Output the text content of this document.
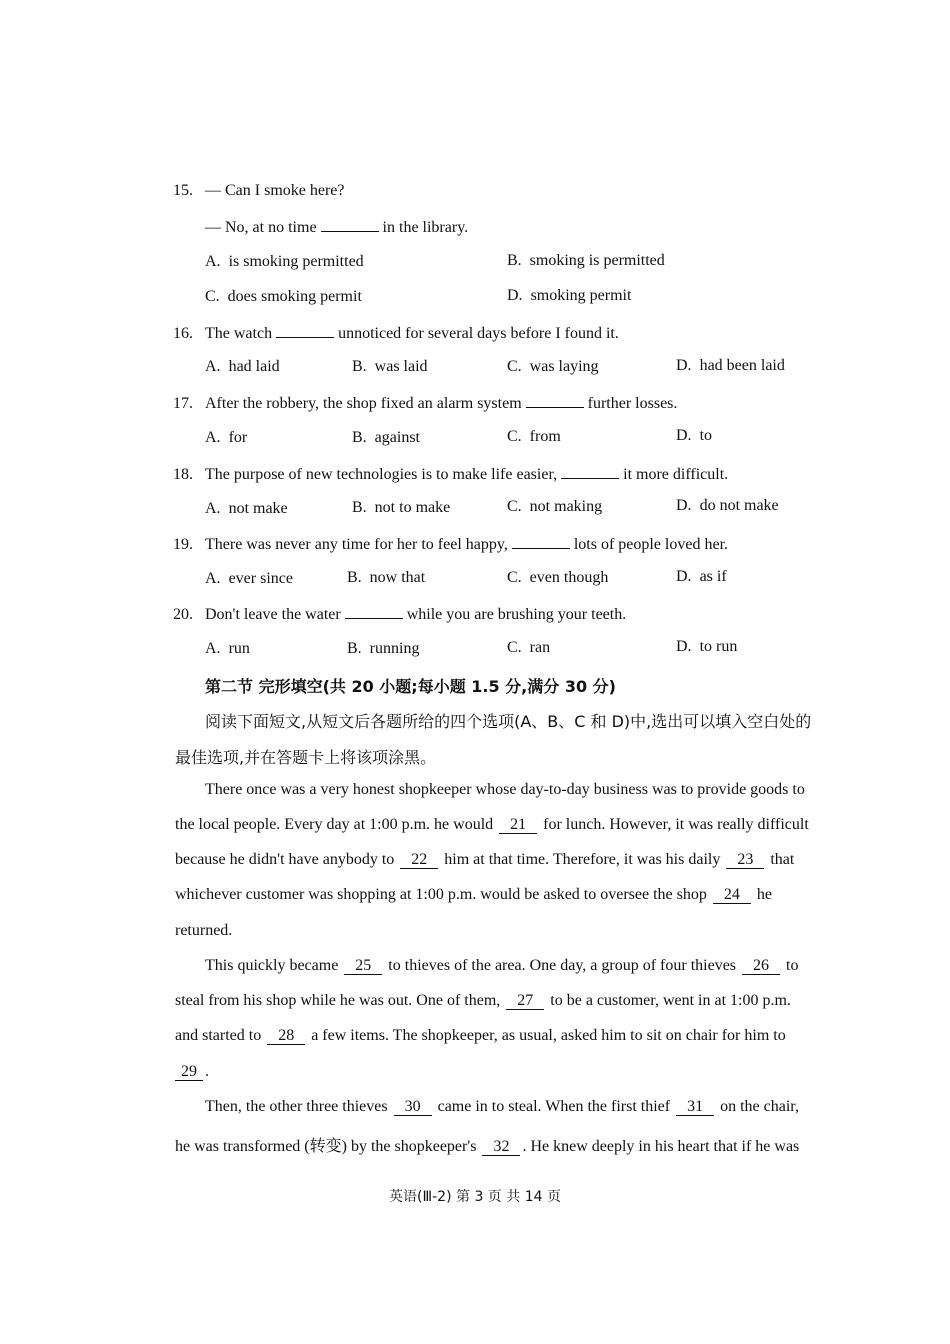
15. — Can I smoke here?
— No, at no time	in the library.
A. is smoking permitted	B. smoking is permitted
C. does smoking permit	D. smoking permit
16. The watch	unnoticed for several days before I found it.
A. had laid	B. was laid	C. was laying	D. had been laid
17. After the robbery, the shop fixed an alarm system	further losses.
A. for	B. against	C. from	D. to
18. The purpose of new technologies is to make life easier,	it more difficult.
A. not make	B. not to make	C. not making	D. do not make
19. There was never any time for her to feel happy,	lots of people loved her.
A. ever since	B. now that	C. even though	D. as if
20. Don't leave the water	while you are brushing your teeth.
A. run	B. running	C. ran	D. to run
第二节 完形填空(共 20 小题;每小题 1.5 分,满分 30 分)
阅读下面短文,从短文后各题所给的四个选项(A、B、C 和 D)中,选出可以填入空白处的
最佳选项,并在答题卡上将该项涂黑。
There once was a very honest shopkeeper whose day-to-day business was to provide goods to
the local people. Every day at 1:00 p.m. he would 21 for lunch. However, it was really difficult
because he didn't have anybody to 22 him at that time. Therefore, it was his daily 23 that
whichever customer was shopping at 1:00 p.m. would be asked to oversee the shop 24 he
returned.
This quickly became 25 to thieves of the area. One day, a group of four thieves 26 to
steal from his shop while he was out. One of them, 27 to be a customer, went in at 1:00 p.m.
and started to 28 a few items. The shopkeeper, as usual, asked him to sit on chair for him to
29 .
Then, the other three thieves 30 came in to steal. When the first thief 31 on the chair,
he was transformed (转变) by the shopkeeper's 32 . He knew deeply in his heart that if he was
英语(Ⅲ-2) 第 3 页 共 14 页
